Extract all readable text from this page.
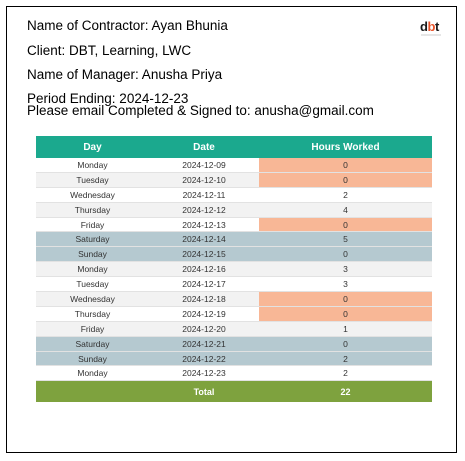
Name of Contractor: Ayan Bhunia
Client: DBT, Learning, LWC
Name of Manager: Anusha Priya
Period Ending: 2024-12-23
Please email Completed & Signed to: anusha@gmail.com
d b t
Day	Date	Hours Worked
Monday	2024-12-09	0
Tuesday	2024-12-10	0
Wednesday	2024-12-11	2
Thursday	2024-12-12	4
Friday	2024-12-13	0
Saturday	2024-12-14	5
Sunday	2024-12-15	0
Monday	2024-12-16	3
Tuesday	2024-12-17	3
Wednesday	2024-12-18	0
Thursday	2024-12-19	0
Friday	2024-12-20	1
Saturday	2024-12-21	0
Sunday	2024-12-22	2
Monday	2024-12-23	2
	Total	22
